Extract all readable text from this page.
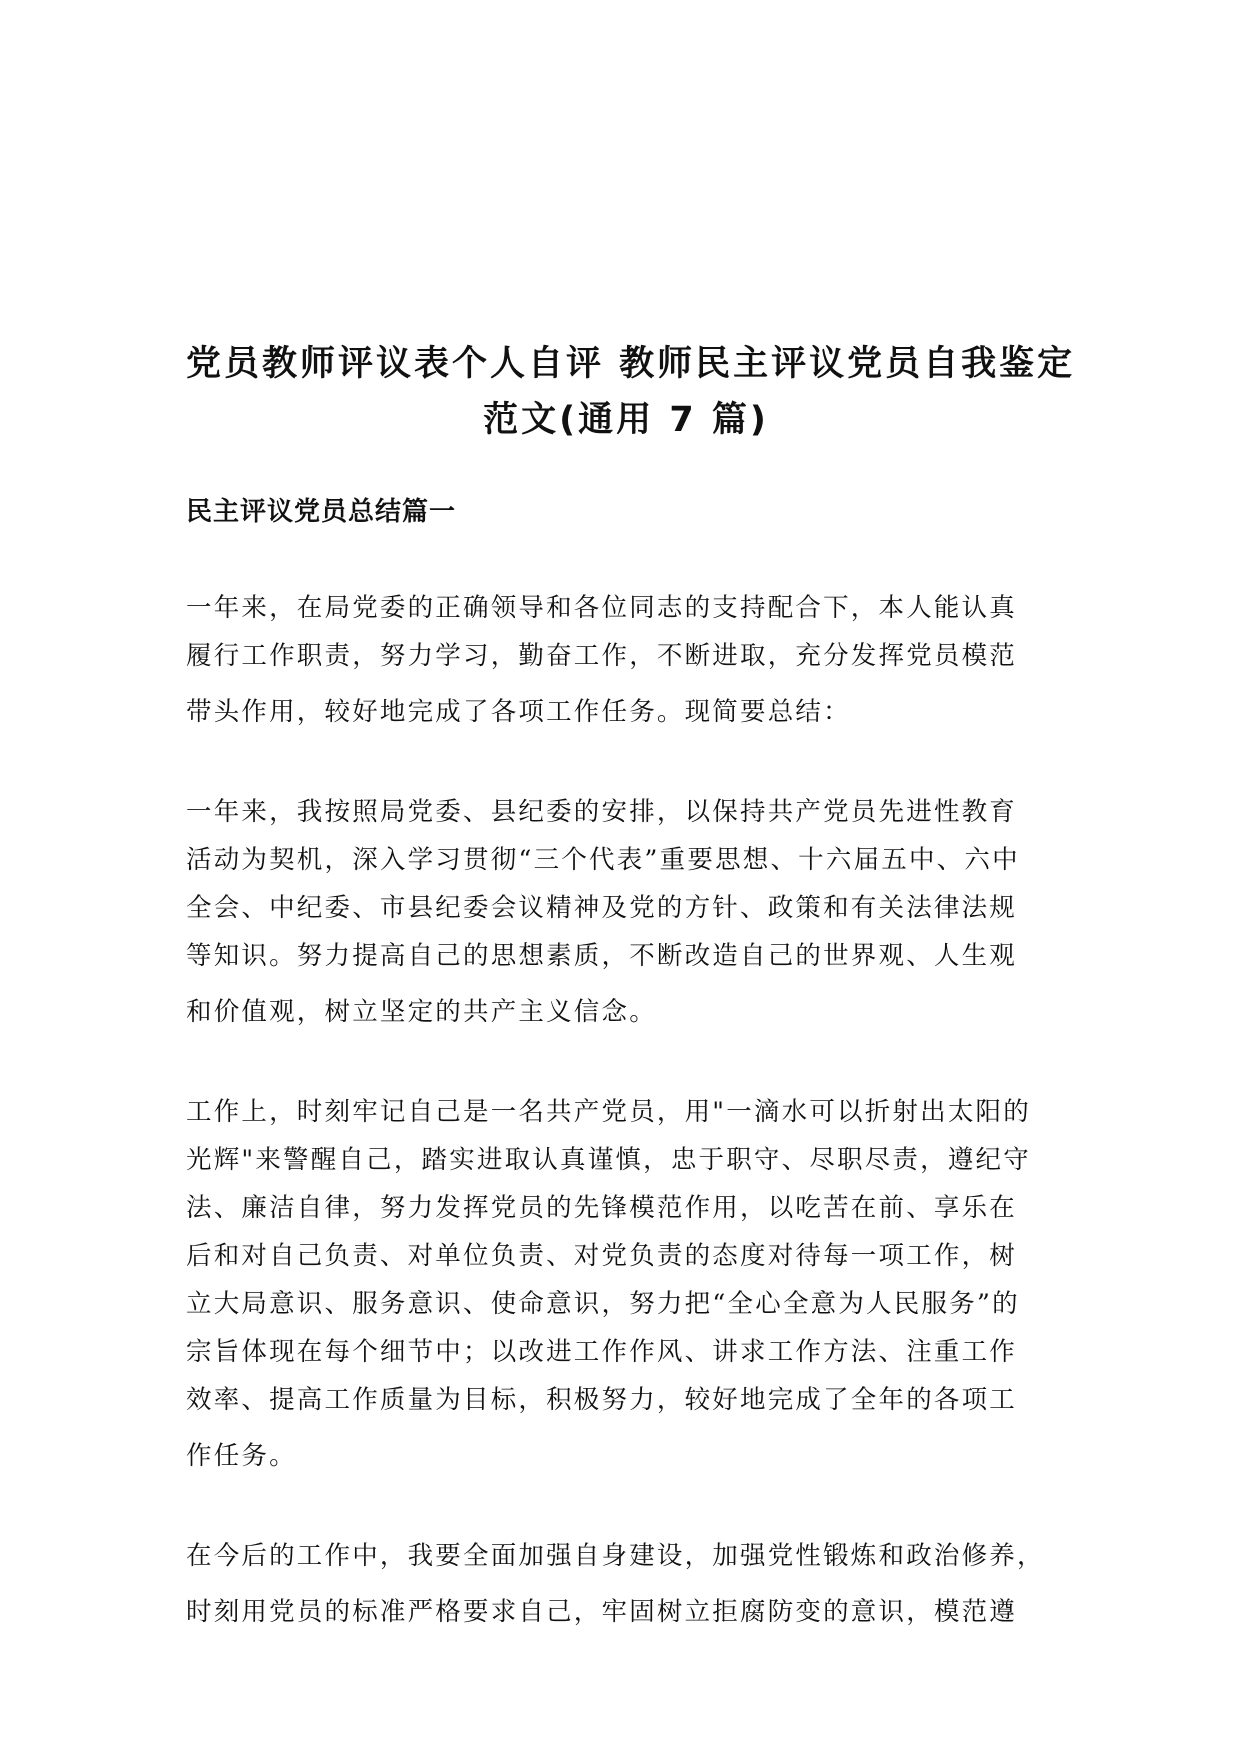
党员教师评议表个人自评 教师民主评议党员自我鉴定
范文(通用 7 篇)
民主评议党员总结篇一
一年来，在局党委的正确领导和各位同志的支持配合下，本人能认真
履行工作职责，努力学习，勤奋工作，不断进取，充分发挥党员模范
带头作用，较好地完成了各项工作任务。现简要总结：
一年来，我按照局党委、县纪委的安排，以保持共产党员先进性教育
活动为契机，深入学习贯彻“三个代表”重要思想、十六届五中、六中
全会、中纪委、市县纪委会议精神及党的方针、政策和有关法律法规
等知识。努力提高自己的思想素质，不断改造自己的世界观、人生观
和价值观，树立坚定的共产主义信念。
工作上，时刻牢记自己是一名共产党员，用"一滴水可以折射出太阳的
光辉"来警醒自己，踏实进取认真谨慎，忠于职守、尽职尽责，遵纪守
法、廉洁自律，努力发挥党员的先锋模范作用，以吃苦在前、享乐在
后和对自己负责、对单位负责、对党负责的态度对待每一项工作，树
立大局意识、服务意识、使命意识，努力把“全心全意为人民服务”的
宗旨体现在每个细节中；以改进工作作风、讲求工作方法、注重工作
效率、提高工作质量为目标，积极努力，较好地完成了全年的各项工
作任务。
在今后的工作中，我要全面加强自身建设，加强党性锻炼和政治修养，
时刻用党员的标准严格要求自己，牢固树立拒腐防变的意识，模范遵
